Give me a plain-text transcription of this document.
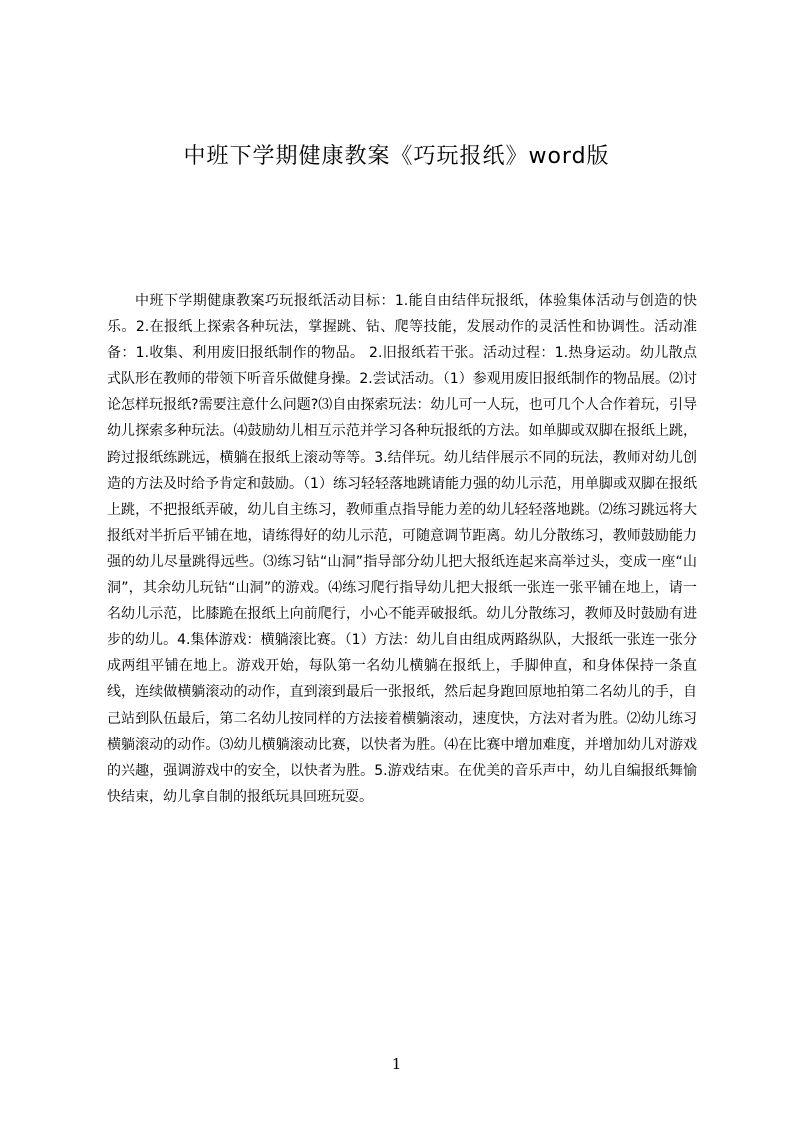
中班下学期健康教案《巧玩报纸》word版

中班下学期健康教案巧玩报纸活动目标：1.能自由结伴玩报纸，体验集体活动与创造的快乐。2.在报纸上探索各种玩法，掌握跳、钻、爬等技能，发展动作的灵活性和协调性。活动准备：1.收集、利用废旧报纸制作的物品。 2.旧报纸若干张。活动过程：1.热身运动。幼儿散点式队形在教师的带领下听音乐做健身操。2.尝试活动。（1）参观用废旧报纸制作的物品展。⑵讨论怎样玩报纸?需要注意什么问题?⑶自由探索玩法：幼儿可一人玩，也可几个人合作着玩，引导幼儿探索多种玩法。⑷鼓励幼儿相互示范并学习各种玩报纸的方法。如单脚或双脚在报纸上跳，跨过报纸练跳远，横躺在报纸上滚动等等。3.结伴玩。幼儿结伴展示不同的玩法，教师对幼儿创造的方法及时给予肯定和鼓励。（1）练习轻轻落地跳请能力强的幼儿示范，用单脚或双脚在报纸上跳，不把报纸弄破，幼儿自主练习，教师重点指导能力差的幼儿轻轻落地跳。⑵练习跳远将大报纸对半折后平铺在地，请练得好的幼儿示范，可随意调节距离。幼儿分散练习，教师鼓励能力强的幼儿尽量跳得远些。⑶练习钻“山洞”指导部分幼儿把大报纸连起来高举过头，变成一座“山洞”，其余幼儿玩钻“山洞”的游戏。⑷练习爬行指导幼儿把大报纸一张连一张平铺在地上，请一名幼儿示范，比膝跪在报纸上向前爬行，小心不能弄破报纸。幼儿分散练习，教师及时鼓励有进步的幼儿。4.集体游戏：横躺滚比赛。（1）方法：幼儿自由组成两路纵队，大报纸一张连一张分成两组平铺在地上。游戏开始，每队第一名幼儿横躺在报纸上，手脚伸直，和身体保持一条直线，连续做横躺滚动的动作，直到滚到最后一张报纸，然后起身跑回原地拍第二名幼儿的手，自己站到队伍最后，第二名幼儿按同样的方法接着横躺滚动，速度快，方法对者为胜。⑵幼儿练习横躺滚动的动作。⑶幼儿横躺滚动比赛，以快者为胜。⑷在比赛中增加难度，并增加幼儿对游戏的兴趣，强调游戏中的安全，以快者为胜。5.游戏结束。在优美的音乐声中，幼儿自编报纸舞愉快结束，幼儿拿自制的报纸玩具回班玩耍。

1
